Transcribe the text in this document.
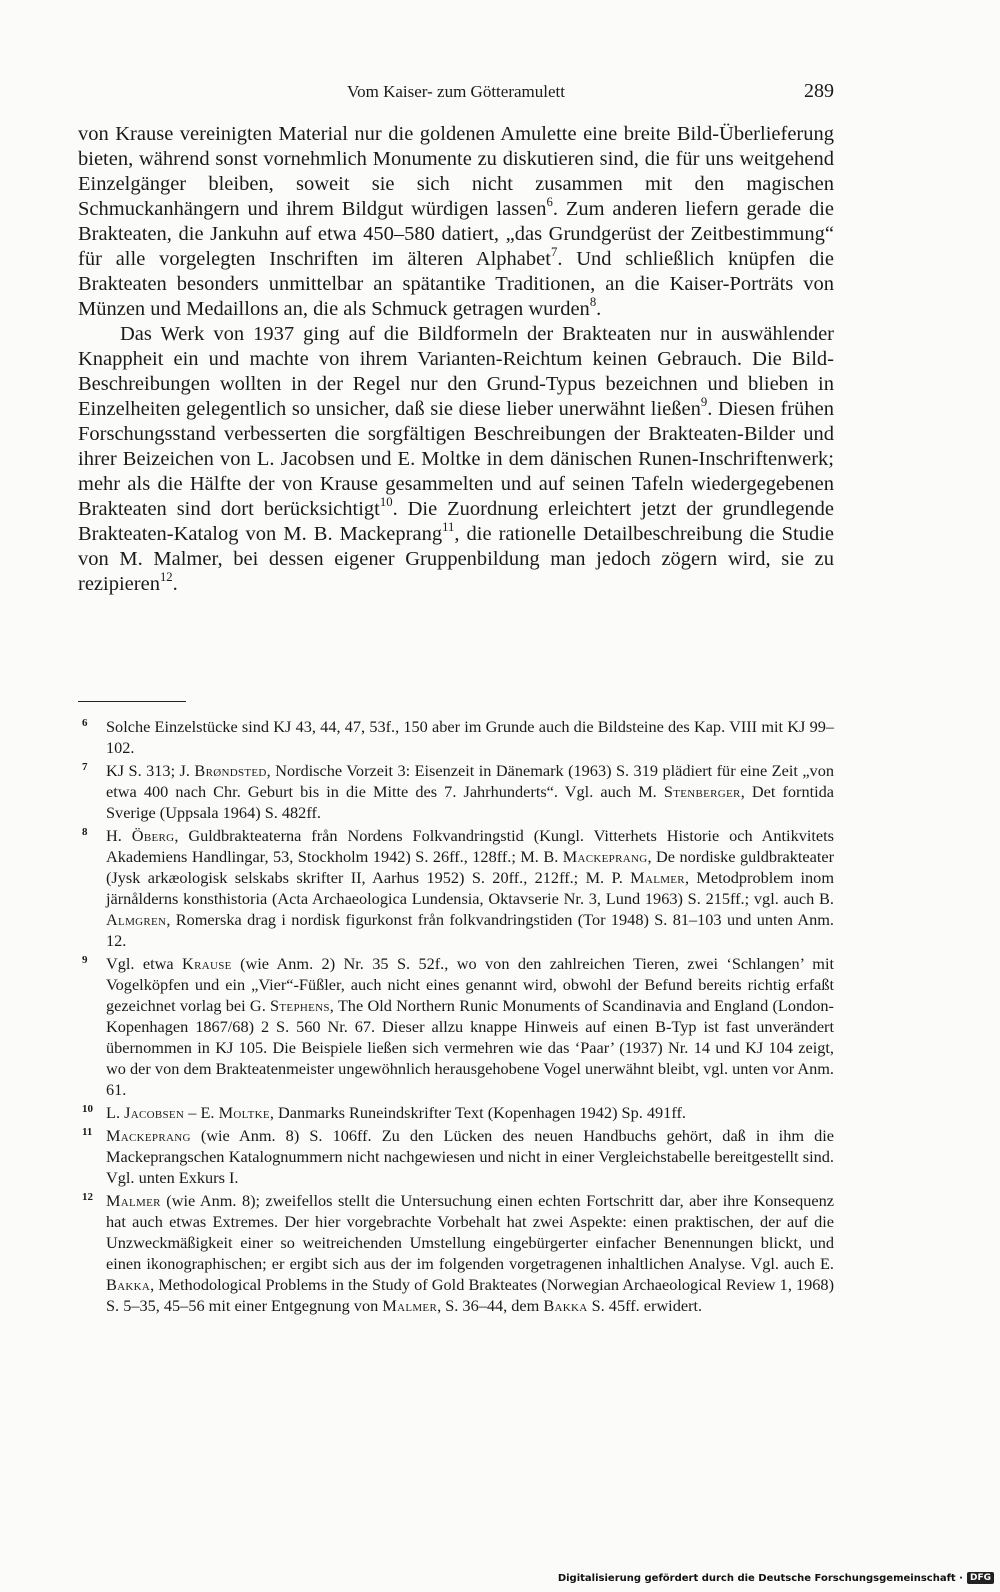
Vom Kaiser- zum Götteramulett	289

von Krause vereinigten Material nur die goldenen Amulette eine breite Bild-Überlieferung bieten, während sonst vornehmlich Monumente zu diskutieren sind, die für uns weitgehend Einzelgänger bleiben, soweit sie sich nicht zusammen mit den magischen Schmuckanhängern und ihrem Bildgut würdigen lassen$^6$. Zum anderen liefern gerade die Brakteaten, die Jankuhn auf etwa 450–580 datiert, „das Grundgerüst der Zeitbestimmung“ für alle vorgelegten Inschriften im älteren Alphabet$^7$. Und schließlich knüpfen die Brakteaten besonders unmittelbar an spätantike Traditionen, an die Kaiser-Porträts von Münzen und Medaillons an, die als Schmuck getragen wurden$^8$.

Das Werk von 1937 ging auf die Bildformeln der Brakteaten nur in auswählender Knappheit ein und machte von ihrem Varianten-Reichtum keinen Gebrauch. Die Bild-Beschreibungen wollten in der Regel nur den Grund-Typus bezeichnen und blieben in Einzelheiten gelegentlich so unsicher, daß sie diese lieber unerwähnt ließen$^9$. Diesen frühen Forschungsstand verbesserten die sorgfältigen Beschreibungen der Brakteaten-Bilder und ihrer Beizeichen von L. Jacobsen und E. Moltke in dem dänischen Runen-Inschriftenwerk; mehr als die Hälfte der von Krause gesammelten und auf seinen Tafeln wiedergegebenen Brakteaten sind dort berücksichtigt$^{10}$. Die Zuordnung erleichtert jetzt der grundlegende Brakteaten-Katalog von M. B. Mackeprang$^{11}$, die rationelle Detailbeschreibung die Studie von M. Malmer, bei dessen eigener Gruppenbildung man jedoch zögern wird, sie zu rezipieren$^{12}$.

6 Solche Einzelstücke sind KJ 43, 44, 47, 53f., 150 aber im Grunde auch die Bildsteine des Kap. VIII mit KJ 99–102.
7 KJ S. 313; J. Brøndsted, Nordische Vorzeit 3: Eisenzeit in Dänemark (1963) S. 319 plädiert für eine Zeit „von etwa 400 nach Chr. Geburt bis in die Mitte des 7. Jahrhunderts“. Vgl. auch M. Stenberger, Det forntida Sverige (Uppsala 1964) S. 482ff.
8 H. Öberg, Guldbrakteaterna från Nordens Folkvandringstid (Kungl. Vitterhets Historie och Antikvitets Akademiens Handlingar, 53, Stockholm 1942) S. 26ff., 128ff.; M. B. Mackeprang, De nordiske guldbrakteater (Jysk arkæologisk selskabs skrifter II, Aarhus 1952) S. 20ff., 212ff.; M. P. Malmer, Metodproblem inom järnålderns konsthistoria (Acta Archaeologica Lundensia, Oktavserie Nr. 3, Lund 1963) S. 215ff.; vgl. auch B. Almgren, Romerska drag i nordisk figurkonst från folkvandringstiden (Tor 1948) S. 81–103 und unten Anm. 12.
9 Vgl. etwa Krause (wie Anm. 2) Nr. 35 S. 52f., wo von den zahlreichen Tieren, zwei ‘Schlangen’ mit Vogelköpfen und ein „Vier“-Füßler, auch nicht eines genannt wird, obwohl der Befund bereits richtig erfaßt gezeichnet vorlag bei G. Stephens, The Old Northern Runic Monuments of Scandinavia and England (London-Kopenhagen 1867/68) 2 S. 560 Nr. 67. Dieser allzu knappe Hinweis auf einen B-Typ ist fast unverändert übernommen in KJ 105. Die Beispiele ließen sich vermehren wie das ‘Paar’ (1937) Nr. 14 und KJ 104 zeigt, wo der von dem Brakteatenmeister ungewöhnlich herausgehobene Vogel unerwähnt bleibt, vgl. unten vor Anm. 61.
10 L. Jacobsen – E. Moltke, Danmarks Runeindskrifter Text (Kopenhagen 1942) Sp. 491ff.
11 Mackeprang (wie Anm. 8) S. 106ff. Zu den Lücken des neuen Handbuchs gehört, daß in ihm die Mackeprangschen Katalognummern nicht nachgewiesen und nicht in einer Vergleichstabelle bereitgestellt sind. Vgl. unten Exkurs I.
12 Malmer (wie Anm. 8); zweifellos stellt die Untersuchung einen echten Fortschritt dar, aber ihre Konsequenz hat auch etwas Extremes. Der hier vorgebrachte Vorbehalt hat zwei Aspekte: einen praktischen, der auf die Unzweckmäßigkeit einer so weitreichenden Umstellung eingebürgerter einfacher Benennungen blickt, und einen ikonographischen; er ergibt sich aus der im folgenden vorgetragenen inhaltlichen Analyse. Vgl. auch E. Bakka, Methodological Problems in the Study of Gold Brakteates (Norwegian Archaeological Review 1, 1968) S. 5–35, 45–56 mit einer Entgegnung von Malmer, S. 36–44, dem Bakka S. 45ff. erwidert.
Digitalisierung gefördert durch die Deutsche Forschungsgemeinschaft · DFG
